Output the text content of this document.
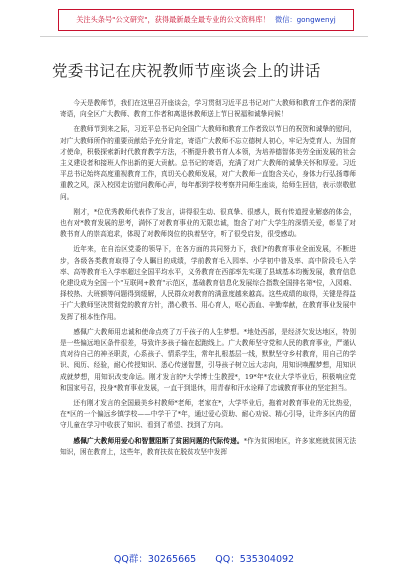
关注头条号"公文研究"，获得最新最全最专业的公文资料库！ 微信：gongwenyj
党委书记在庆祝教师节座谈会上的讲话

今天是教师节，我们在这里召开座谈会，学习贯彻习近平总书记对广大教师和教育工作者的深情寄语，向全区广大教师、教育工作者和离退休教师送上节日祝福和诚挚问候！

在教师节到来之际，习近平总书记向全国广大教师和教育工作者致以节日的祝贺和诚挚的慰问，对广大教师所作的重要贡献给予充分肯定，寄语广大教师不忘立德树人初心，牢记为党育人、为国育才使命，积极探索新时代教育教学方法，不断提升教书育人本领，为培养德智体美劳全面发展的社会主义建设者和接班人作出新的更大贡献。总书记的寄语，充满了对广大教师的诚挚关怀和厚爱。习近平总书记始终高度重视教育工作，真切关心教师发展，对广大教师一直饱含关心，身体力行弘扬尊师重教之风，深入校园走访慰问教师心声，每年都到学校考察并同师生座谈，给师生回信，表示崇敬慰问。

刚才，*位优秀教师代表作了发言，讲得很生动、很真挚、很感人，既有传道授业解惑的体会，也有对*教育发展的思考，满怀了对教育事业的无限忠诚，饱含了对广大学生的深情关爱，彰显了对教书育人的崇高追求，体现了对教师岗位的执着坚守，听了很受启发，很受感动。

近年来，在自治区党委的领导下，在各方面的共同努力下，我们*的教育事业全面发展，不断进步，各级各类教育取得了令人瞩目的成绩，学前教育毛入园率、小学初中普及率、高中阶段毛入学率、高等教育毛入学率超过全国平均水平，义务教育在西部率先实现了县域基本均衡发展，教育信息化建设成为全国一个"互联网+教育"示范区，基础教育信息化发展综合指数全国排名第*位，入园难、择校热、大班额等问题得到缓解，人民群众对教育的满意度越来越高。这些成绩的取得，关键是得益于广大教师坚决贯彻党的教育方针，潜心教书、用心育人，呕心沥血、辛勤奉献，在教育事业发展中发挥了根本性作用。

感佩广大教师用忠诚和使命点亮了万千孩子的人生梦想。*地处西部，是经济欠发达地区，特别是一些偏远地区条件很差，导致许多孩子输在起跑线上。广大教师坚守党和人民的教育事业，严谨认真对待自己的神圣职责，心系孩子、情系学生，常年扎根基层一线，默默坚守乡村教育，用自己的学识、阅历、经验，耐心传授知识、悉心传递智慧，引导孩子树立远大志向，用知识唤醒梦想，用知识成就梦想，用知识改变命运。刚才发言的*大学博士生教授*，19*年*农业大学毕业后，积极响应党和国家号召，投身*教育事业发展，一直干到退休，用青春和汗水诠释了忠诚教育事业的坚定担当。

还有刚才发言的全国最美乡村教师*老师，老家在*，大学毕业后，拖着对教育事业的无比热爱，在*区的一个偏远乡镇学校——中学干了*年，通过爱心资助、耐心劝说、精心引导，让许多区内的留守儿童在学习中收获了知识、看到了希望、找到了方向。

感佩广大教师用爱心和智慧阻断了贫困问题的代际传递。*作为贫困地区，许多家庭就贫困无法知识，困在教育上，这些年，教育扶贫在脱贫攻坚中发挥

QQ群：30265665 QQ：535304092
